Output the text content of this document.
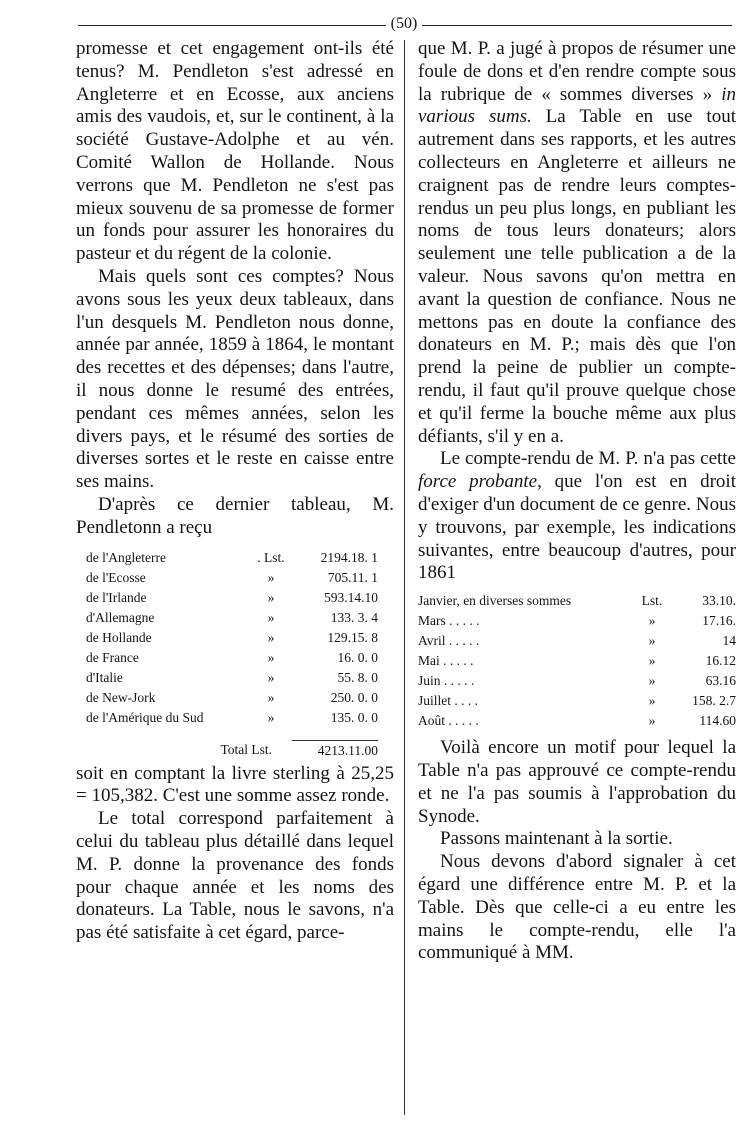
(50)

promesse et cet engagement ont-ils été tenus? M. Pendleton s'est adressé en Angleterre et en Ecosse, aux anciens amis des vaudois, et, sur le continent, à la société Gustave-Adolphe et au vén. Comité Wallon de Hollande. Nous verrons que M. Pendleton ne s'est pas mieux souvenu de sa promesse de former un fonds pour assurer les honoraires du pasteur et du régent de la colonie.

Mais quels sont ces comptes? Nous avons sous les yeux deux tableaux, dans l'un desquels M. Pendleton nous donne, année par année, 1859 à 1864, le montant des recettes et des dépenses; dans l'autre, il nous donne le resumé des entrées, pendant ces mêmes années, selon les divers pays, et le résumé des sorties de diverses sortes et le reste en caisse entre ses mains.

D'après ce dernier tableau, M. Pendletonn a reçu

de l'Angleterre	. Lst.	2194.18. 1
de l'Ecosse	»	705.11. 1
de l'Irlande	»	593.14.10
d'Allemagne	»	133. 3. 4
de Hollande	»	129.15. 8
de France	»	16. 0. 0
d'Italie	»	55. 8. 0
de New-Jork	»	250. 0. 0
de l'Amérique du Sud	»	135. 0. 0
Total Lst.		4213.11.00

soit en comptant la livre sterling à 25,25 = 105,382. C'est une somme assez ronde.

Le total correspond parfaitement à celui du tableau plus détaillé dans lequel M. P. donne la provenance des fonds pour chaque année et les noms des donateurs. La Table, nous le savons, n'a pas été satisfaite à cet égard, parce-

que M. P. a jugé à propos de résumer une foule de dons et d'en rendre compte sous la rubrique de « sommes diverses » in various sums. La Table en use tout autrement dans ses rapports, et les autres collecteurs en Angleterre et ailleurs ne craignent pas de rendre leurs comptes-rendus un peu plus longs, en publiant les noms de tous leurs donateurs; alors seulement une telle publication a de la valeur. Nous savons qu'on mettra en avant la question de confiance. Nous ne mettons pas en doute la confiance des donateurs en M. P.; mais dès que l'on prend la peine de publier un compte-rendu, il faut qu'il prouve quelque chose et qu'il ferme la bouche même aux plus défiants, s'il y en a.

Le compte-rendu de M. P. n'a pas cette force probante, que l'on est en droit d'exiger d'un document de ce genre. Nous y trouvons, par exemple, les indications suivantes, entre beaucoup d'autres, pour 1861

Janvier, en diverses sommes	Lst.	33.10.
Mars . . . . .	»	17.16.
Avril . . . . .	»	14
Mai . . . . .	»	16.12
Juin . . . . .	»	63.16
Juillet . . . .	»	158. 2.7
Août . . . . .	»	114.60

Voilà encore un motif pour lequel la Table n'a pas approuvé ce compte-rendu et ne l'a pas soumis à l'approbation du Synode.

Passons maintenant à la sortie.

Nous devons d'abord signaler à cet égard une différence entre M. P. et la Table. Dès que celle-ci a eu entre les mains le compte-rendu, elle l'a communiqué à MM.
